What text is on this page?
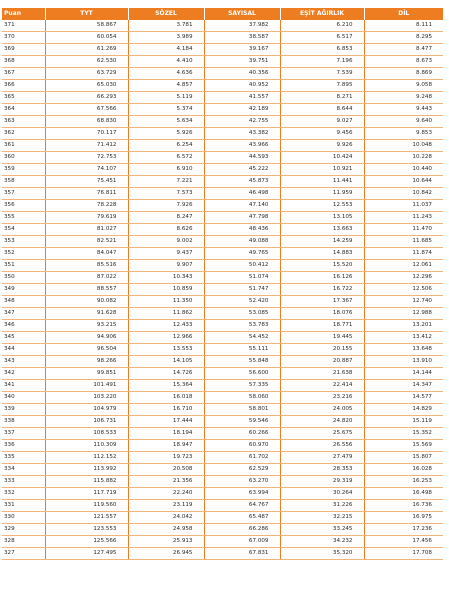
Puan	TYT	SÖZEL	SAYISAL	EŞİT AĞIRLIK	DİL
371	58.867	3.781	37.982	6.210	8.111
370	60.054	3.989	38.587	6.517	8.295
369	61.269	4.184	39.167	6.853	8.477
368	62.530	4.410	39.751	7.196	8.673
367	63.729	4.636	40.356	7.539	8.869
366	65.030	4.857	40.952	7.895	9.058
365	66.293	5.119	41.557	8.271	9.248
364	67.566	5.374	42.189	8.644	9.443
363	68.830	5.634	42.755	9.027	9.640
362	70.117	5.926	43.382	9.456	9.853
361	71.412	6.254	43.966	9.926	10.048
360	72.753	6.572	44.593	10.424	10.228
359	74.107	6.910	45.222	10.921	10.440
358	75.451	7.221	45.873	11.441	10.644
357	76.811	7.573	46.498	11.959	10.842
356	78.228	7.926	47.140	12.553	11.037
355	79.619	8.247	47.798	13.105	11.243
354	81.027	8.626	48.436	13.663	11.470
353	82.521	9.002	49.088	14.259	11.685
352	84.047	9.437	49.765	14.883	11.874
351	85.516	9.907	50.412	15.520	12.061
350	87.022	10.343	51.074	16.126	12.296
349	88.557	10.859	51.747	16.722	12.506
348	90.082	11.350	52.420	17.367	12.740
347	91.628	11.862	53.085	18.076	12.988
346	93.215	12.433	53.783	18.771	13.201
345	94.906	12.966	54.452	19.445	13.412
344	96.504	13.553	55.111	20.155	13.648
343	98.266	14.105	55.848	20.887	13.910
342	99.851	14.726	56.600	21.638	14.144
341	101.491	15.364	57.335	22.414	14.347
340	103.220	16.018	58.060	23.216	14.577
339	104.979	16.710	58.801	24.005	14.829
338	106.731	17.444	59.546	24.820	15.119
337	108.533	18.194	60.266	25.675	15.352
336	110.309	18.947	60.970	26.556	15.569
335	112.152	19.723	61.702	27.479	15.807
334	113.992	20.508	62.529	28.353	16.028
333	115.882	21.356	63.270	29.319	16.253
332	117.719	22.240	63.994	30.264	16.498
331	119.560	23.119	64.767	31.226	16.736
330	121.557	24.042	65.487	32.215	16.975
329	123.553	24.958	66.286	33.245	17.236
328	125.566	25.913	67.009	34.232	17.456
327	127.495	26.945	67.831	35.320	17.708
